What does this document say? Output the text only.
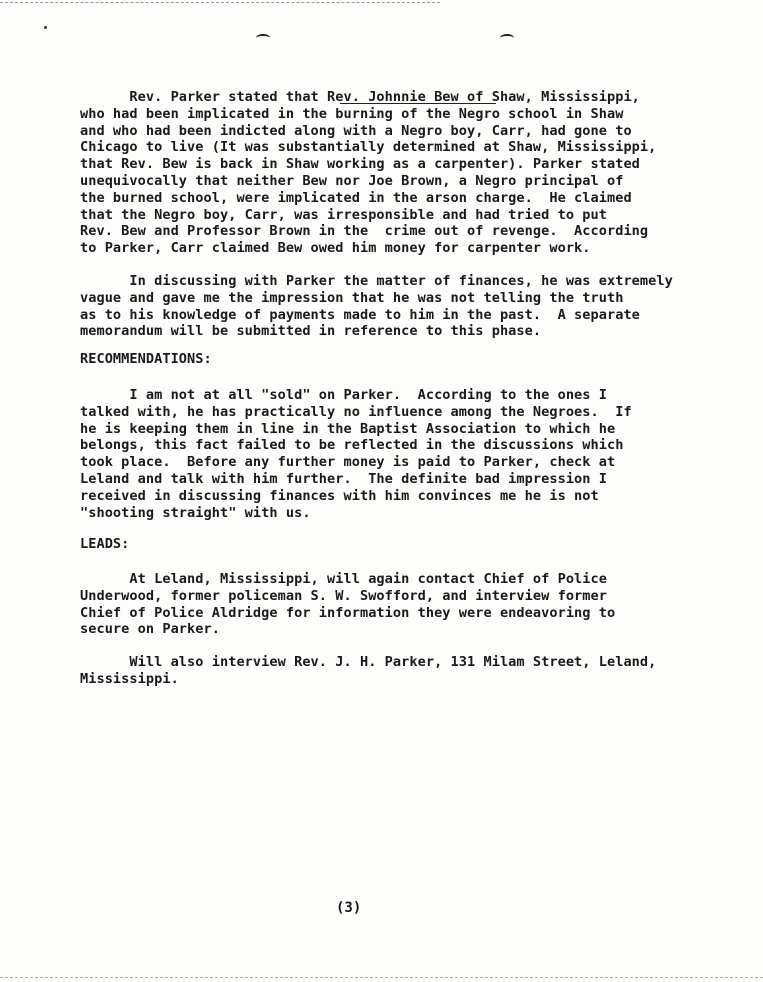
Rev. Parker stated that Rev. Johnnie Bew of Shaw, Mississippi,
who had been implicated in the burning of the Negro school in Shaw
and who had been indicted along with a Negro boy, Carr, had gone to
Chicago to live (It was substantially determined at Shaw, Mississippi,
that Rev. Bew is back in Shaw working as a carpenter). Parker stated
unequivocally that neither Bew nor Joe Brown, a Negro principal of
the burned school, were implicated in the arson charge.  He claimed
that the Negro boy, Carr, was irresponsible and had tried to put
Rev. Bew and Professor Brown in the  crime out of revenge.  According
to Parker, Carr claimed Bew owed him money for carpenter work.
In discussing with Parker the matter of finances, he was extremely
vague and gave me the impression that he was not telling the truth
as to his knowledge of payments made to him in the past.  A separate
memorandum will be submitted in reference to this phase.
RECOMMENDATIONS:
I am not at all "sold" on Parker.  According to the ones I
talked with, he has practically no influence among the Negroes.  If
he is keeping them in line in the Baptist Association to which he
belongs, this fact failed to be reflected in the discussions which
took place.  Before any further money is paid to Parker, check at
Leland and talk with him further.  The definite bad impression I
received in discussing finances with him convinces me he is not
"shooting straight" with us.
LEADS:
At Leland, Mississippi, will again contact Chief of Police
Underwood, former policeman S. W. Swofford, and interview former
Chief of Police Aldridge for information they were endeavoring to
secure on Parker.
Will also interview Rev. J. H. Parker, 131 Milam Street, Leland,
Mississippi.
(3)
